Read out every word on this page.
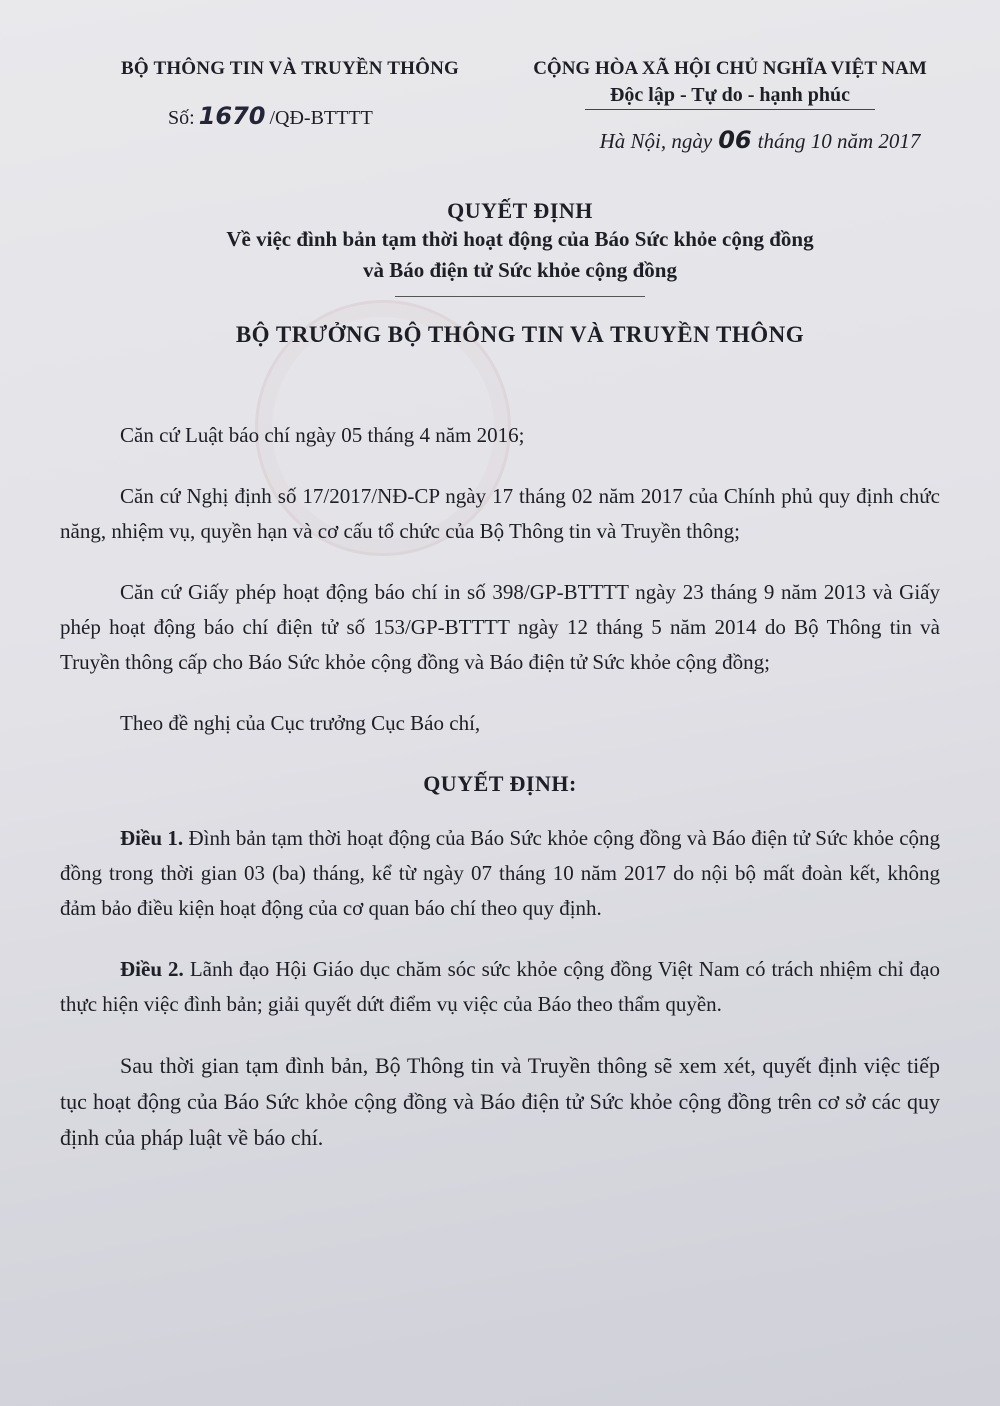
BỘ THÔNG TIN VÀ TRUYỀN THÔNG
Số: 1670 /QĐ-BTTTT
CỘNG HÒA XÃ HỘI CHỦ NGHĨA VIỆT NAM
Độc lập - Tự do - hạnh phúc
Hà Nội, ngày 06 tháng 10 năm 2017
QUYẾT ĐỊNH
Về việc đình bản tạm thời hoạt động của Báo Sức khỏe cộng đồng
và Báo điện tử Sức khỏe cộng đồng
BỘ TRƯỞNG BỘ THÔNG TIN VÀ TRUYỀN THÔNG

Căn cứ Luật báo chí ngày 05 tháng 4 năm 2016;

Căn cứ Nghị định số 17/2017/NĐ-CP ngày 17 tháng 02 năm 2017 của Chính phủ quy định chức năng, nhiệm vụ, quyền hạn và cơ cấu tổ chức của Bộ Thông tin và Truyền thông;

Căn cứ Giấy phép hoạt động báo chí in số 398/GP-BTTTT ngày 23 tháng 9 năm 2013 và Giấy phép hoạt động báo chí điện tử số 153/GP-BTTTT ngày 12 tháng 5 năm 2014 do Bộ Thông tin và Truyền thông cấp cho Báo Sức khỏe cộng đồng và Báo điện tử Sức khỏe cộng đồng;

Theo đề nghị của Cục trưởng Cục Báo chí,

QUYẾT ĐỊNH:

Điều 1. Đình bản tạm thời hoạt động của Báo Sức khỏe cộng đồng và Báo điện tử Sức khỏe cộng đồng trong thời gian 03 (ba) tháng, kể từ ngày 07 tháng 10 năm 2017 do nội bộ mất đoàn kết, không đảm bảo điều kiện hoạt động của cơ quan báo chí theo quy định.

Điều 2. Lãnh đạo Hội Giáo dục chăm sóc sức khỏe cộng đồng Việt Nam có trách nhiệm chỉ đạo thực hiện việc đình bản; giải quyết dứt điểm vụ việc của Báo theo thẩm quyền.

Sau thời gian tạm đình bản, Bộ Thông tin và Truyền thông sẽ xem xét, quyết định việc tiếp tục hoạt động của Báo Sức khỏe cộng đồng và Báo điện tử Sức khỏe cộng đồng trên cơ sở các quy định của pháp luật về báo chí.
